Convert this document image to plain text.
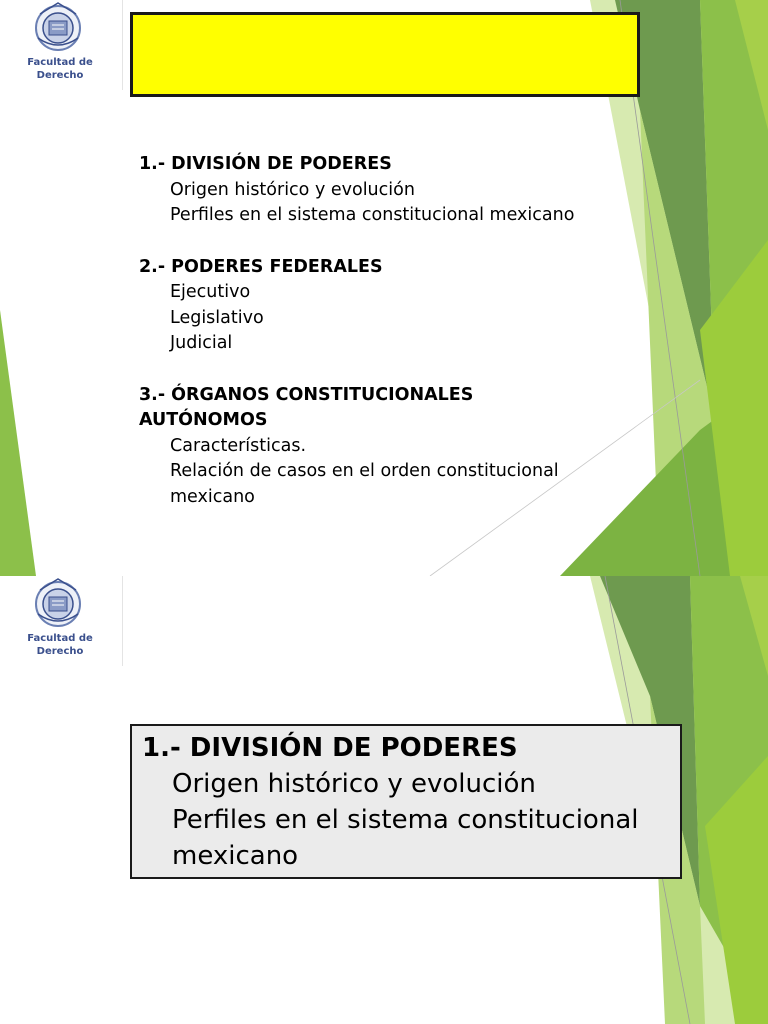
Facultad de
Derecho
1.- DIVISIÓN DE PODERES
Origen histórico y evolución
Perfiles en el sistema constitucional mexicano
2.- PODERES FEDERALES
Ejecutivo
Legislativo
Judicial
3.- ÓRGANOS CONSTITUCIONALES
AUTÓNOMOS
Características.
Relación de casos en el orden constitucional
mexicano
Facultad de
Derecho
1.- DIVISIÓN DE PODERES
Origen histórico y evolución
Perfiles en el sistema constitucional
mexicano
